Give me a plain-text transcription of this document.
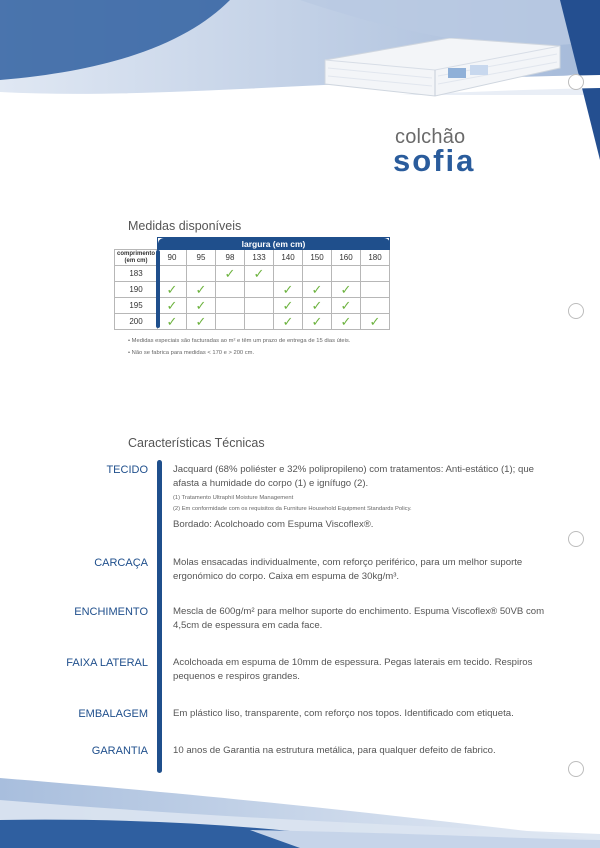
colchão
sofia
Medidas disponíveis
	largura (em cm)							
comprimento (em cm)	90	95	98	133	140	150	160	180
183			✓	✓				
190	✓	✓			✓	✓	✓	
195	✓	✓			✓	✓	✓	
200	✓	✓			✓	✓	✓	✓
• Medidas especiais são facturadas ao m² e têm um prazo de entrega de 15 dias úteis.
• Não se fabrica para medidas < 170 e > 200 cm.
Características Técnicas
TECIDO	Jacquard (68% poliéster e 32% polipropileno) com tratamentos: Anti-estático (1); que afasta a humidade do corpo (1) e ignífugo (2).
(1) Tratamento Ultraphil Moisture Management
(2) Em conformidade com os requisitos da Furniture Household Equipment Standards Policy.
Bordado: Acolchoado com Espuma Viscoflex®.
CARCAÇA	Molas ensacadas individualmente, com reforço periférico, para um melhor suporte ergonómico do corpo. Caixa em espuma de 30kg/m³.
ENCHIMENTO	Mescla de 600g/m² para melhor suporte do enchimento. Espuma Viscoflex® 50VB com 4,5cm de espessura em cada face.
FAIXA LATERAL	Acolchoada em espuma de 10mm de espessura. Pegas laterais em tecido. Respiros pequenos e respiros grandes.
EMBALAGEM	Em plástico liso, transparente, com reforço nos topos. Identificado com etiqueta.
GARANTIA	10 anos de Garantia na estrutura metálica, para qualquer defeito de fabrico.
